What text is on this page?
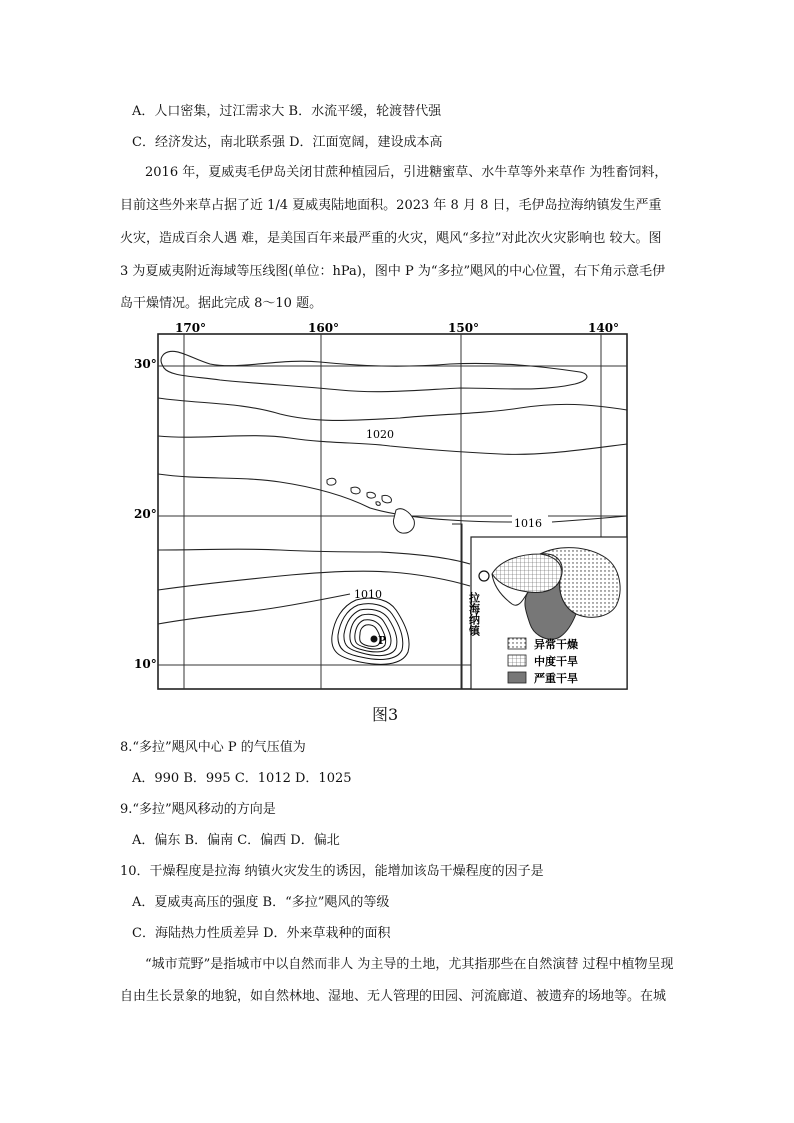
A．人口密集，过江需求大 B．水流平缓，轮渡替代强
C．经济发达，南北联系强 D．江面宽阔，建设成本高
2016 年，夏威夷毛伊岛关闭甘蔗种植园后，引进糖蜜草、水牛草等外来草作 为牲畜饲料，
目前这些外来草占据了近 1/4 夏威夷陆地面积。2023 年 8 月 8 日，毛伊岛拉海纳镇发生严重
火灾，造成百余人遇 难，是美国百年来最严重的火灾，飓风“多拉”对此次火灾影响也 较大。图
3 为夏威夷附近海域等压线图(单位：hPa)，图中 P 为“多拉”飓风的中心位置，右下角示意毛伊
岛干燥情况。据此完成 8～10 题。
170°	160°	150°	140°
30°
20°
10°
P
1020
1016
1010	拉海纳镇
异常干燥
中度干旱
严重干旱
图3
8.“多拉”飓风中心 P 的气压值为
A．990 B．995 C．1012 D．1025
9.“多拉”飓风移动的方向是
A．偏东 B．偏南 C．偏西 D．偏北
10．干燥程度是拉海 纳镇火灾发生的诱因，能增加该岛干燥程度的因子是
A．夏威夷高压的强度 B．“多拉”飓风的等级
C．海陆热力性质差异 D．外来草栽种的面积
“城市荒野”是指城市中以自然而非人 为主导的土地，尤其指那些在自然演替 过程中植物呈现
自由生长景象的地貌，如自然林地、湿地、无人管理的田园、河流廊道、被遗弃的场地等。在城
